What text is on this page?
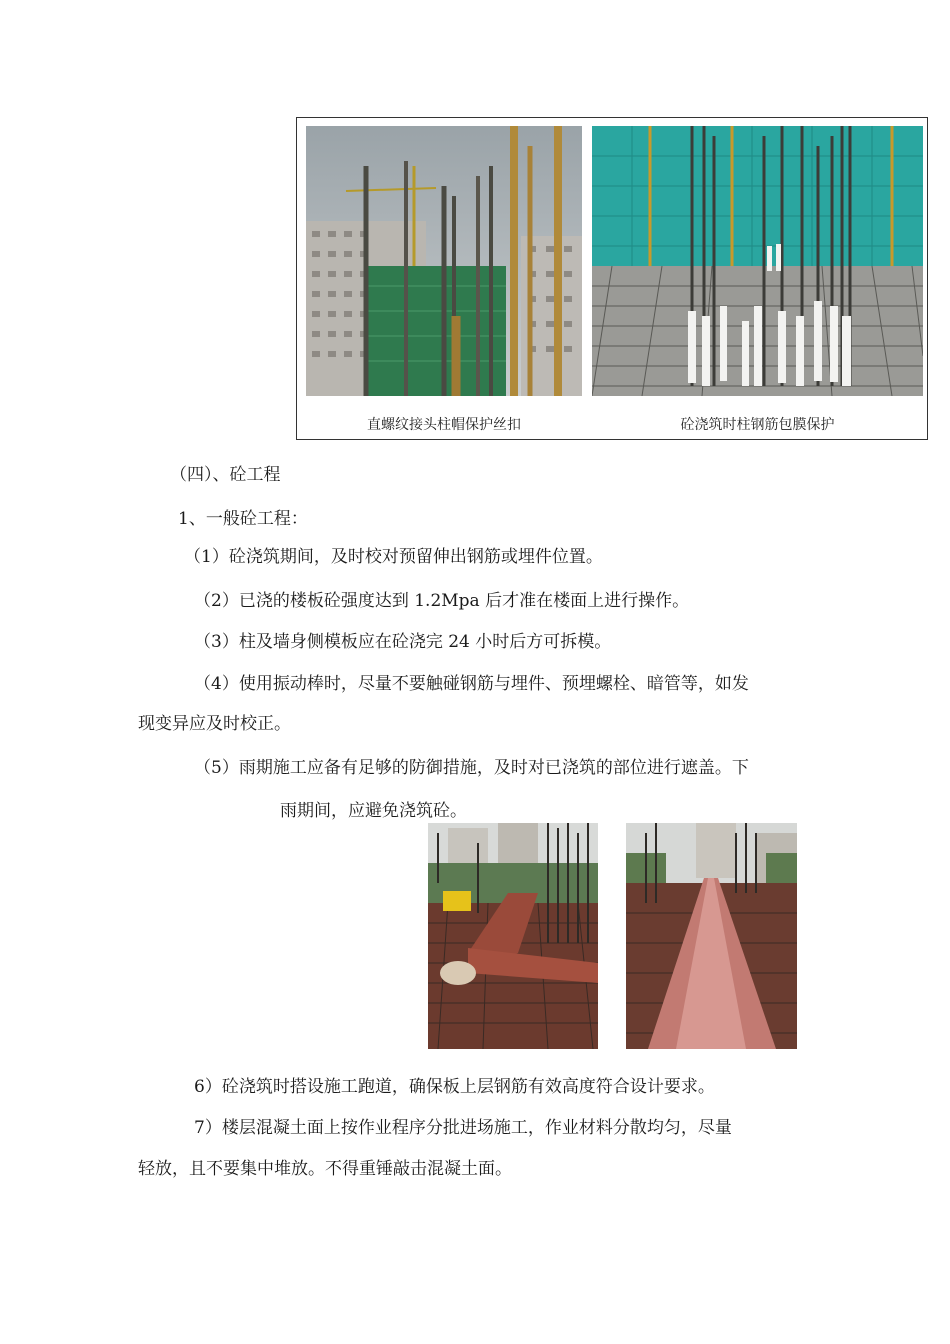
直螺纹接头柱帽保护丝扣	砼浇筑时柱钢筋包膜保护
（四）、砼工程
1、一般砼工程：
（1）砼浇筑期间，及时校对预留伸出钢筋或埋件位置。
（2）已浇的楼板砼强度达到 1.2Mpa 后才准在楼面上进行操作。
（3）柱及墙身侧模板应在砼浇完 24 小时后方可拆模。
（4）使用振动棒时，尽量不要触碰钢筋与埋件、预埋螺栓、暗管等，如发
现变异应及时校正。
（5）雨期施工应备有足够的防御措施，及时对已浇筑的部位进行遮盖。下
雨期间，应避免浇筑砼。
6）砼浇筑时搭设施工跑道，确保板上层钢筋有效高度符合设计要求。
7）楼层混凝土面上按作业程序分批进场施工，作业材料分散均匀，尽量
轻放，且不要集中堆放。不得重锤敲击混凝土面。
